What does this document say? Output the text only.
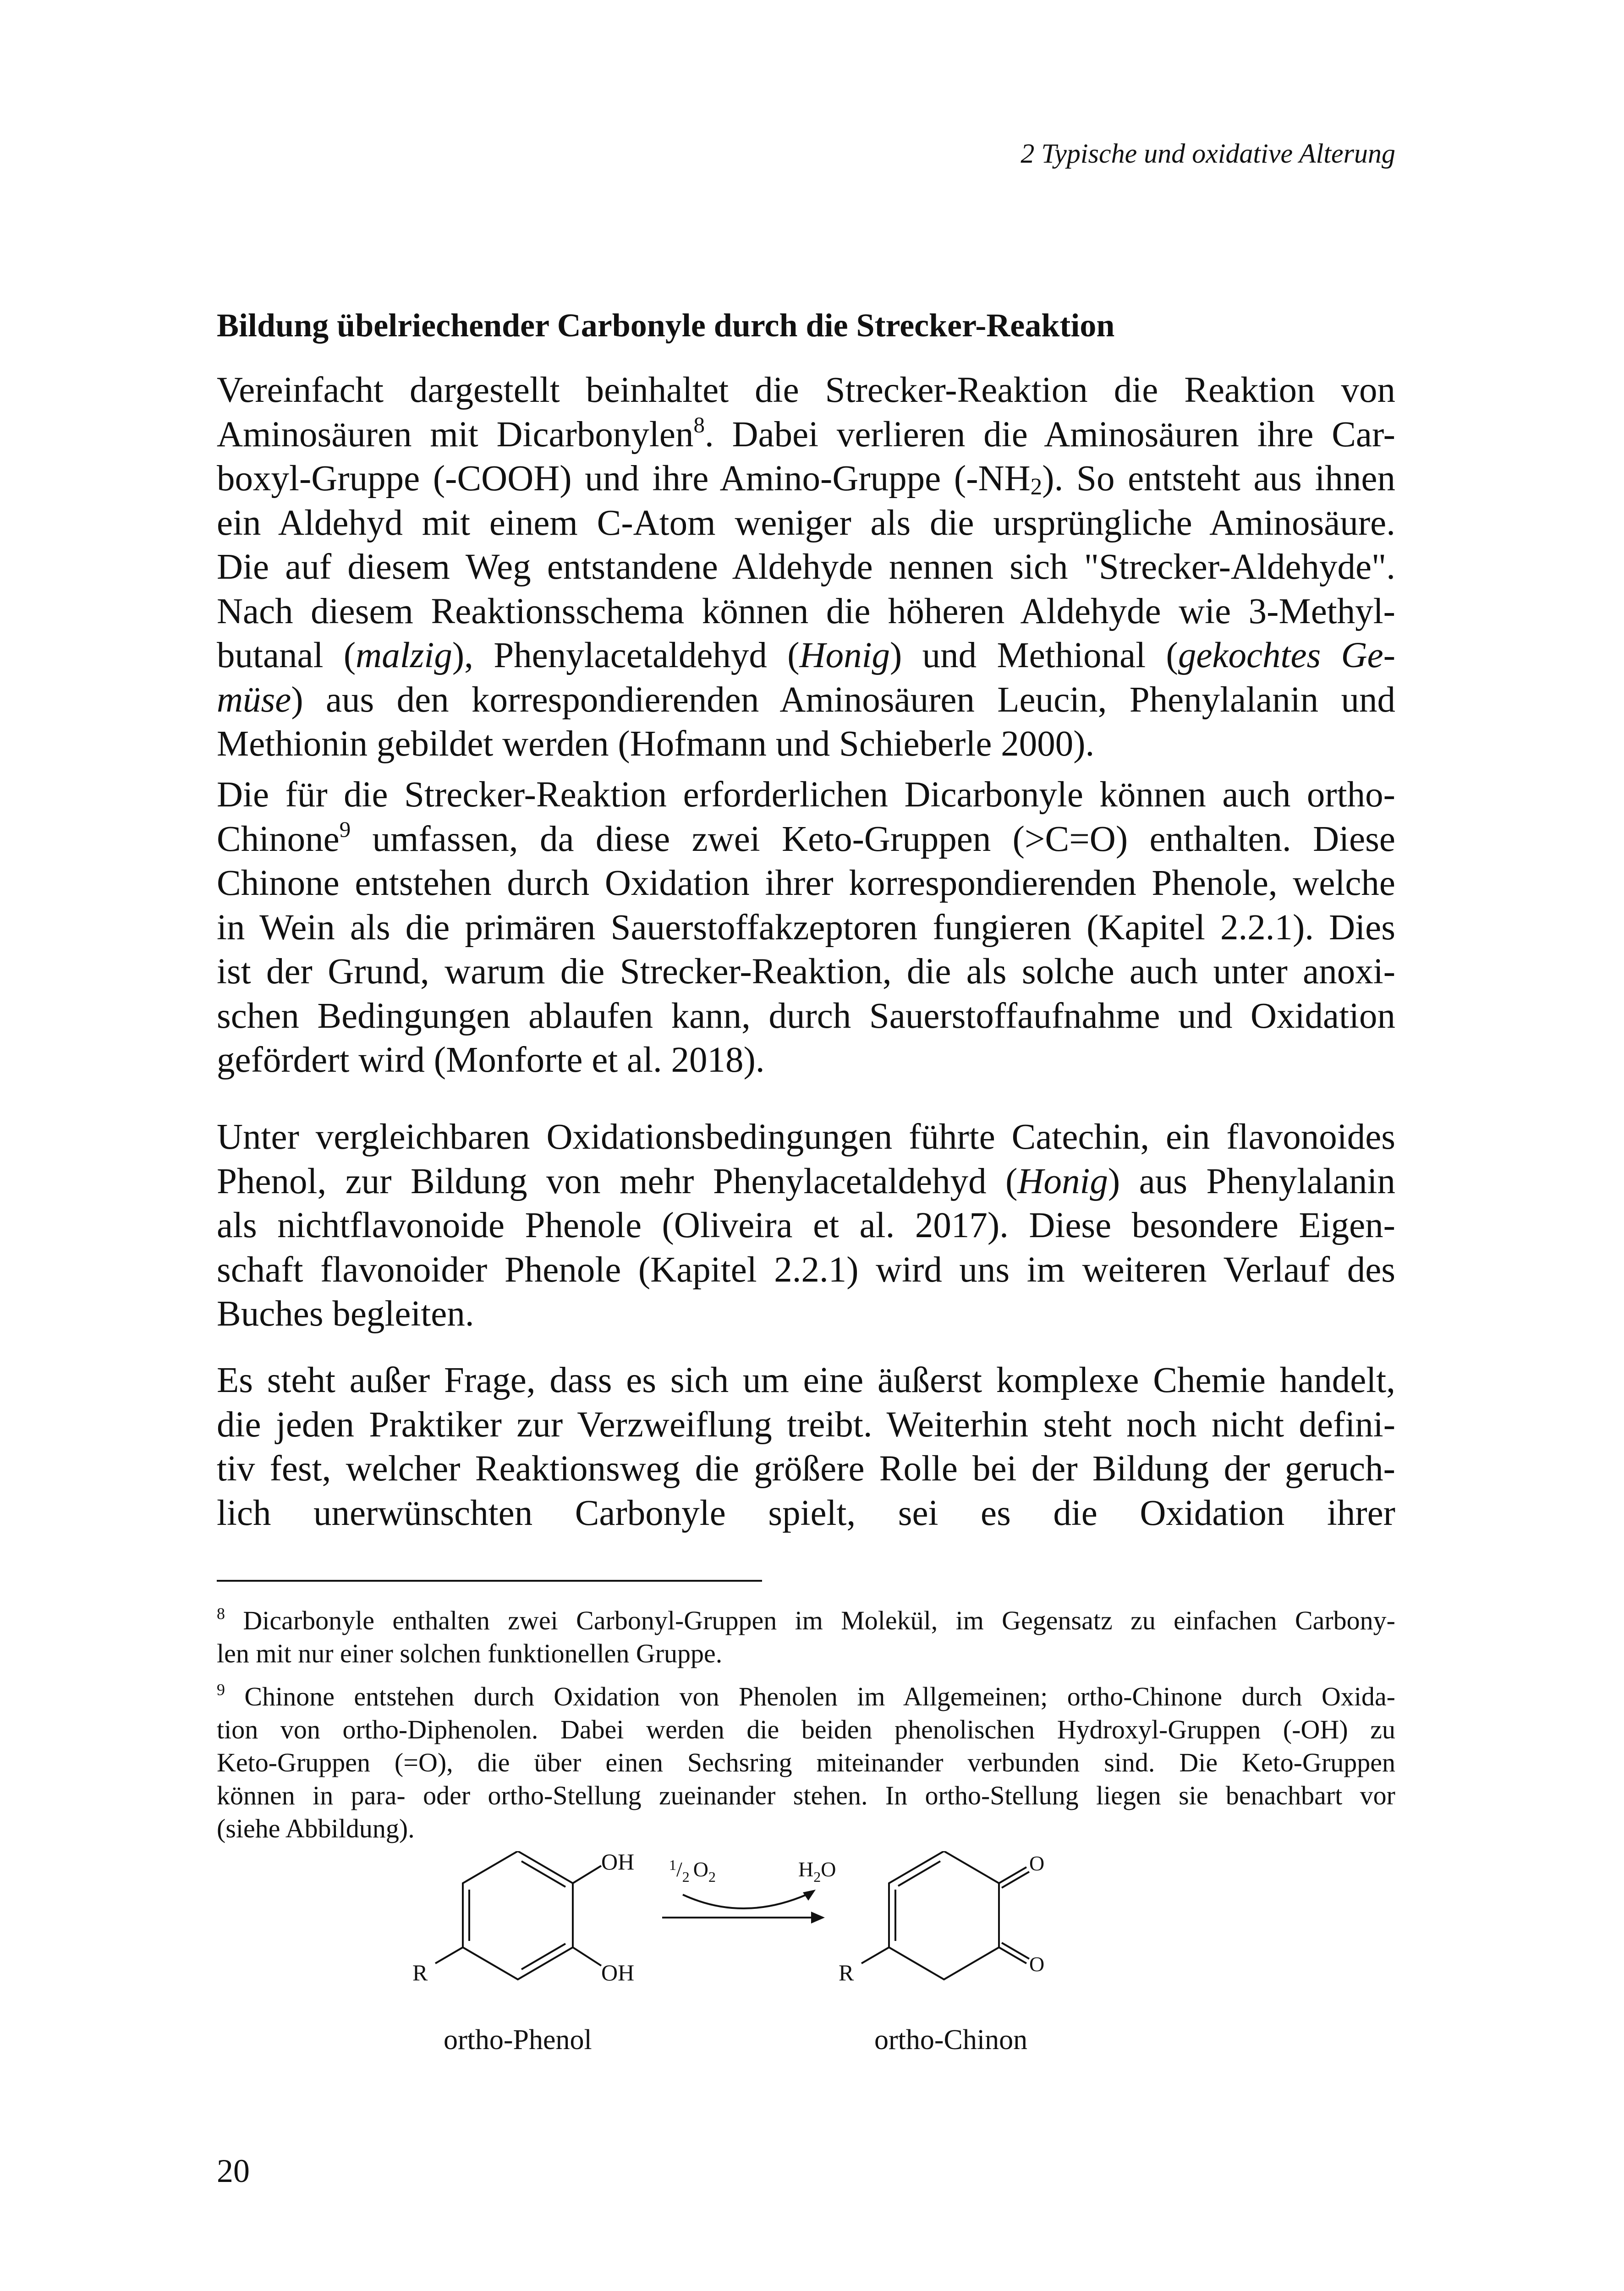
2 Typische und oxidative Alterung
Bildung übelriechender Carbonyle durch die Strecker-Reaktion
Vereinfacht dargestellt beinhaltet die Strecker-Reaktion die Reaktion von
Aminosäuren mit Dicarbonylen$^8$. Dabei verlieren die Aminosäuren ihre Car-
boxyl-Gruppe (-COOH) und ihre Amino-Gruppe $(-NH_2)$. So entsteht aus ihnen
ein Aldehyd mit einem C-Atom weniger als die ursprüngliche Aminosäure.
Die auf diesem Weg entstandene Aldehyde nennen sich "Strecker-Aldehyde".
Nach diesem Reaktionsschema können die höheren Aldehyde wie 3-Methyl-
butanal (malzig), Phenylacetaldehyd (Honig) und Methional (gekochtes Ge-
müse) aus den korrespondierenden Aminosäuren Leucin, Phenylalanin und
Methionin gebildet werden (Hofmann und Schieberle 2000).
Die für die Strecker-Reaktion erforderlichen Dicarbonyle können auch ortho-
Chinone$^9$ umfassen, da diese zwei Keto-Gruppen (>C=O) enthalten. Diese
Chinone entstehen durch Oxidation ihrer korrespondierenden Phenole, welche
in Wein als die primären Sauerstoffakzeptoren fungieren (Kapitel 2.2.1). Dies
ist der Grund, warum die Strecker-Reaktion, die als solche auch unter anoxi-
schen Bedingungen ablaufen kann, durch Sauerstoffaufnahme und Oxidation
gefördert wird (Monforte et al. 2018).
Unter vergleichbaren Oxidationsbedingungen führte Catechin, ein flavonoides
Phenol, zur Bildung von mehr Phenylacetaldehyd (Honig) aus Phenylalanin
als nichtflavonoide Phenole (Oliveira et al. 2017). Diese besondere Eigen-
schaft flavonoider Phenole (Kapitel 2.2.1) wird uns im weiteren Verlauf des
Buches begleiten.
Es steht außer Frage, dass es sich um eine äußerst komplexe Chemie handelt,
die jeden Praktiker zur Verzweiflung treibt. Weiterhin steht noch nicht defini-
tiv fest, welcher Reaktionsweg die größere Rolle bei der Bildung der geruch-
lich unerwünschten Carbonyle spielt, sei es die Oxidation ihrer
$^8$ Dicarbonyle enthalten zwei Carbonyl-Gruppen im Molekül, im Gegensatz zu einfachen Carbony-
len mit nur einer solchen funktionellen Gruppe.
$^9$ Chinone entstehen durch Oxidation von Phenolen im Allgemeinen; ortho-Chinone durch Oxida-
tion von ortho-Diphenolen. Dabei werden die beiden phenolischen Hydroxyl-Gruppen (-OH) zu
Keto-Gruppen (=O), die über einen Sechsring miteinander verbunden sind. Die Keto-Gruppen
können in para- oder ortho-Stellung zueinander stehen. In ortho-Stellung liegen sie benachbart vor
(siehe Abbildung).
OH
OH
R
$^1/_2$ $O_2$	$H_2O$	O
O
R
ortho-Phenol	ortho-Chinon
20
